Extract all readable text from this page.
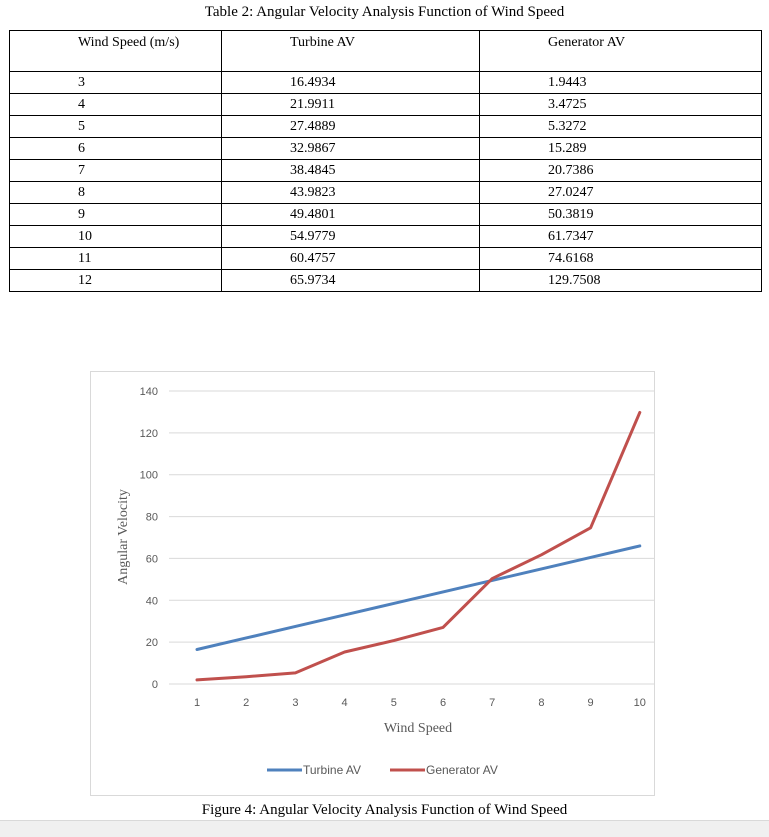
Table 2: Angular Velocity Analysis Function of Wind Speed
Wind Speed (m/s)	Turbine AV	Generator AV
3	16.4934	1.9443
4	21.9911	3.4725
5	27.4889	5.3272
6	32.9867	15.289
7	38.4845	20.7386
8	43.9823	27.0247
9	49.4801	50.3819
10	54.9779	61.7347
11	60.4757	74.6168
12	65.9734	129.7508
0
20
40
60
80
100
120
140
1	2	3	4	5	6	7	8	9	10
Wind Speed
Angular Velocity
Turbine AV	Generator AV
Figure 4: Angular Velocity Analysis Function of Wind Speed
